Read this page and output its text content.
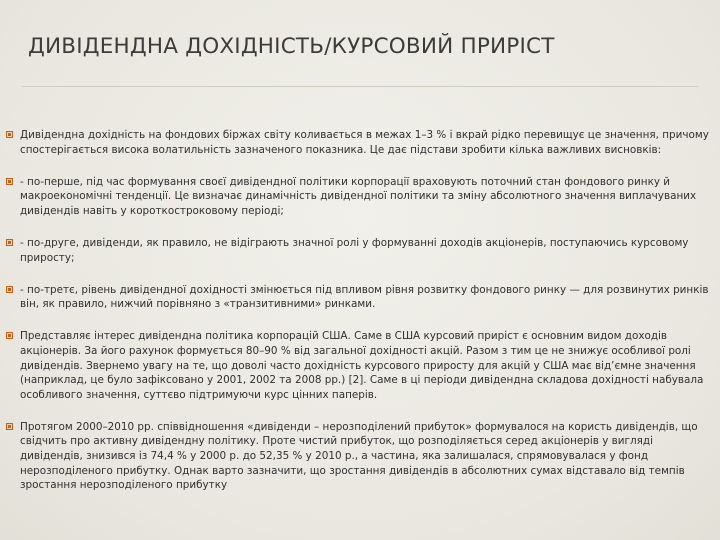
ДИВІДЕНДНА ДОХІДНІСТЬ/КУРСОВИЙ ПРИРІСТ
Дивідендна дохідність на фондових біржах світу коливається в межах 1–3 % і вкрай рідко перевищує це значення, причому спостерігається висока волатильність зазначеного показника. Це дає підстави зробити кілька важливих висновків:
- по-перше, під час формування своєї дивідендної політики корпорації враховують поточний стан фондового ринку й макроекономічні тенденції. Це визначає динамічність дивідендної політики та зміну абсолютного значення виплачуваних дивідендів навіть у короткостроковому періоді;
- по-друге, дивіденди, як правило, не відіграють значної ролі у формуванні доходів акціонерів, поступаючись курсовому приросту;
- по-третє, рівень дивідендної дохідності змінюється під впливом рівня розвитку фондового ринку — для розвинутих ринків він, як правило, нижчий порівняно з «транзитивними» ринками.
Представляє інтерес дивідендна політика корпорацій США. Саме в США курсовий приріст є основним видом доходів акціонерів. За його рахунок формується 80–90 % від загальної дохідності акцій. Разом з тим це не знижує особливої ролі дивідендів. Звернемо увагу на те, що доволі часто дохідність курсового приросту для акцій у США має від’ємне значення (наприклад, це було зафіксовано у 2001, 2002 та 2008 рр.) [2]. Саме в ці періоди дивідендна складова дохідності набувала особливого значення, суттєво підтримуючи курс цінних паперів.
Протягом 2000–2010 рр. співвідношення «дивіденди – нерозподілений прибуток» формувалося на користь дивідендів, що свідчить про активну дивідендну політику. Проте чистий прибуток, що розподіляється серед акціонерів у вигляді дивідендів, знизився із 74,4 % у 2000 р. до 52,35 % у 2010 р., а частина, яка залишалася, спрямовувалася у фонд нерозподіленого прибутку. Однак варто зазначити, що зростання дивідендів в абсолютних сумах відставало від темпів зростання нерозподіленого прибутку
